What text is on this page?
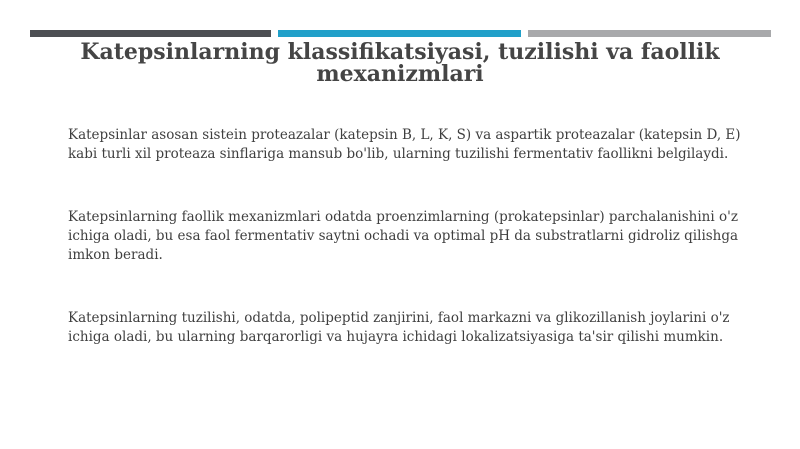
Katepsinlarning klassifikatsiyasi, tuzilishi va faollik mexanizmlari

Katepsinlar asosan sistein proteazalar (katepsin B, L, K, S) va aspartik proteazalar (katepsin D, E) kabi turli xil proteaza sinflariga mansub bo'lib, ularning tuzilishi fermentativ faollikni belgilaydi.

Katepsinlarning faollik mexanizmlari odatda proenzimlarning (prokatepsinlar) parchalanishini o'z ichiga oladi, bu esa faol fermentativ saytni ochadi va optimal pH da substratlarni gidroliz qilishga imkon beradi.

Katepsinlarning tuzilishi, odatda, polipeptid zanjirini, faol markazni va glikozillanish joylarini o'z ichiga oladi, bu ularning barqarorligi va hujayra ichidagi lokalizatsiyasiga ta'sir qilishi mumkin.
